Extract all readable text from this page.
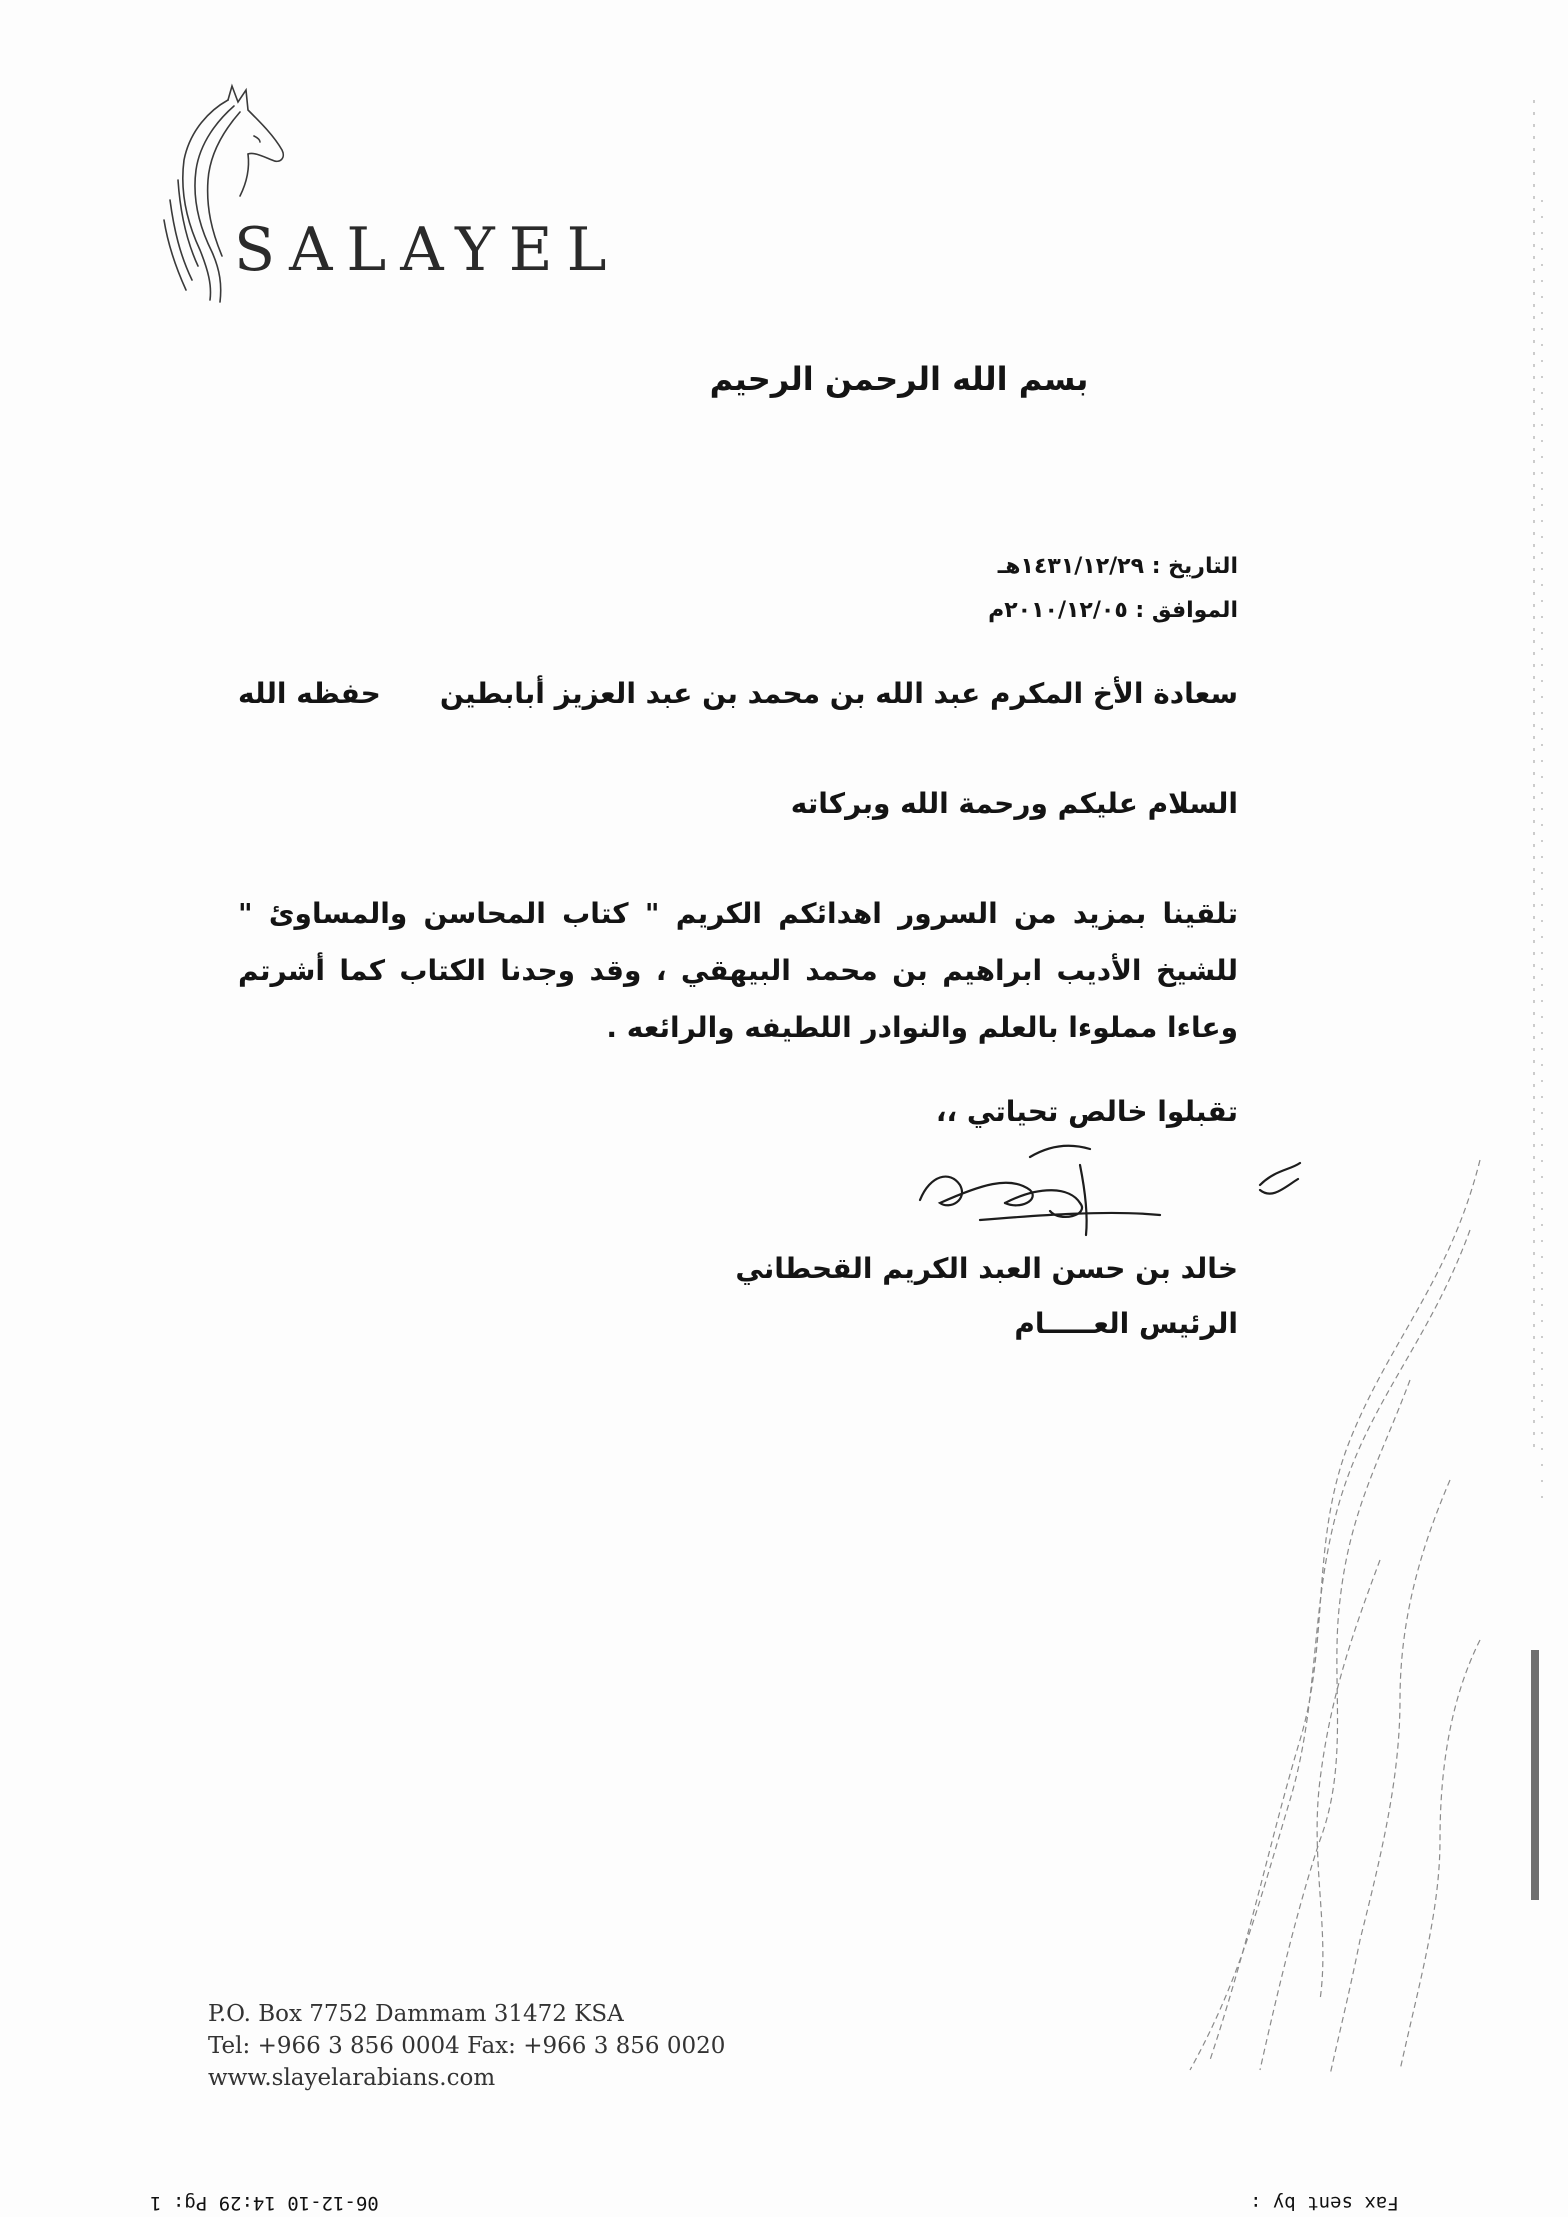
SALAYEL
بسم الله الرحمن الرحيم
التاريخ : ١٤٣١/١٢/٢٩هـ
الموافق : ٢٠١٠/١٢/٠٥م
سعادة الأخ المكرم عبد الله بن محمد بن عبد العزيز أبابطين
حفظه الله
السلام عليكم ورحمة الله وبركاته
تلقينا بمزيد من السرور اهدائكم الكريم " كتاب المحاسن والمساوئ " للشيخ الأديب ابراهيم بن محمد البيهقي ، وقد وجدنا الكتاب كما أشرتم وعاءا مملوءا بالعلم والنوادر اللطيفه والرائعه .
تقبلوا خالص تحياتي ،،
خالد بن حسن العبد الكريم القحطاني
الرئيس العـــــام
P.O. Box 7752 Dammam 31472 KSA
Tel: +966 3 856 0004 Fax: +966 3 856 0020
www.slayelarabians.com
06-12-10 14:29 Pg: 1	Fax sent by :
